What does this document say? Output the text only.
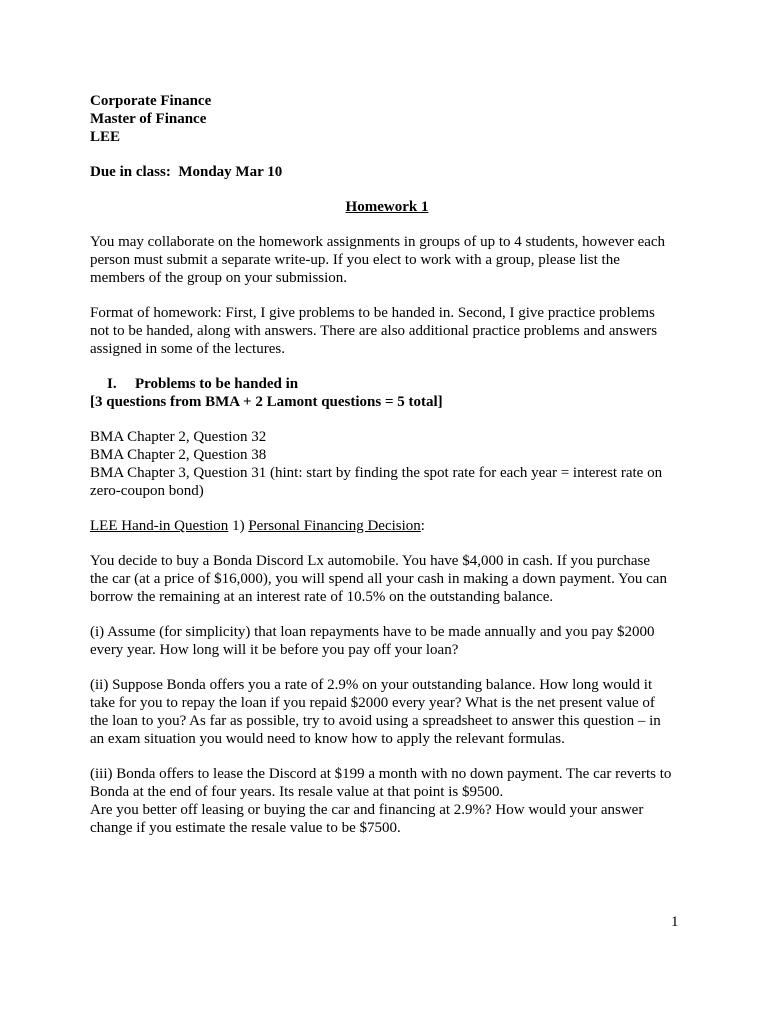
Corporate Finance
Master of Finance
LEE
Due in class: Monday Mar 10
Homework 1
You may collaborate on the homework assignments in groups of up to 4 students, however each
person must submit a separate write-up. If you elect to work with a group, please list the
members of the group on your submission.
Format of homework: First, I give problems to be handed in. Second, I give practice problems
not to be handed, along with answers. There are also additional practice problems and answers
assigned in some of the lectures.
I. Problems to be handed in
[3 questions from BMA + 2 Lamont questions = 5 total]
BMA Chapter 2, Question 32
BMA Chapter 2, Question 38
BMA Chapter 3, Question 31 (hint: start by finding the spot rate for each year = interest rate on
zero-coupon bond)
LEE Hand-in Question 1) Personal Financing Decision:
You decide to buy a Bonda Discord Lx automobile. You have $4,000 in cash. If you purchase
the car (at a price of $16,000), you will spend all your cash in making a down payment. You can
borrow the remaining at an interest rate of 10.5% on the outstanding balance.
(i) Assume (for simplicity) that loan repayments have to be made annually and you pay $2000
every year. How long will it be before you pay off your loan?
(ii) Suppose Bonda offers you a rate of 2.9% on your outstanding balance. How long would it
take for you to repay the loan if you repaid $2000 every year? What is the net present value of
the loan to you? As far as possible, try to avoid using a spreadsheet to answer this question – in
an exam situation you would need to know how to apply the relevant formulas.
(iii) Bonda offers to lease the Discord at $199 a month with no down payment. The car reverts to
Bonda at the end of four years. Its resale value at that point is $9500.
Are you better off leasing or buying the car and financing at 2.9%? How would your answer
change if you estimate the resale value to be $7500.
1
